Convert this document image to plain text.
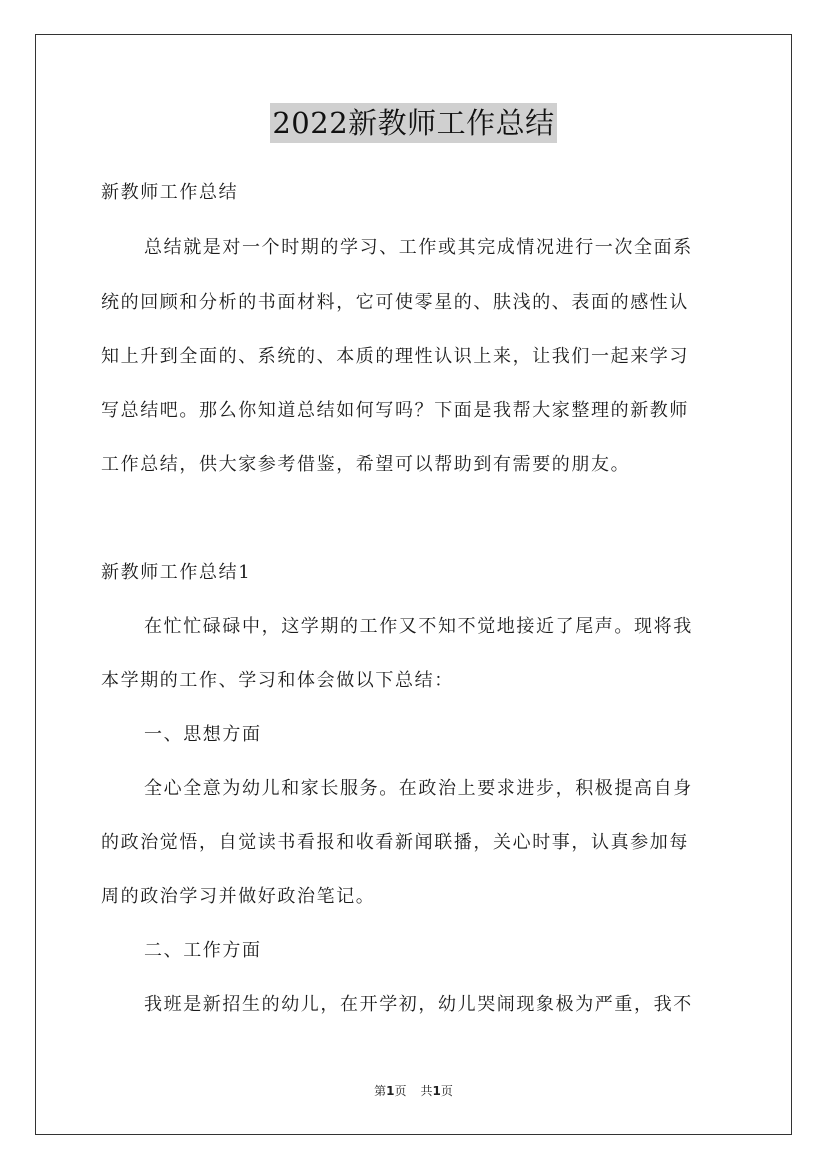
2022新教师工作总结
新教师工作总结
总结就是对一个时期的学习、工作或其完成情况进行一次全面系
统的回顾和分析的书面材料，它可使零星的、肤浅的、表面的感性认
知上升到全面的、系统的、本质的理性认识上来，让我们一起来学习
写总结吧。那么你知道总结如何写吗？下面是我帮大家整理的新教师
工作总结，供大家参考借鉴，希望可以帮助到有需要的朋友。
新教师工作总结1
在忙忙碌碌中，这学期的工作又不知不觉地接近了尾声。现将我
本学期的工作、学习和体会做以下总结：
一、思想方面
全心全意为幼儿和家长服务。在政治上要求进步，积极提高自身
的政治觉悟，自觉读书看报和收看新闻联播，关心时事，认真参加每
周的政治学习并做好政治笔记。
二、工作方面
我班是新招生的幼儿，在开学初，幼儿哭闹现象极为严重，我不
第1页 共1页
